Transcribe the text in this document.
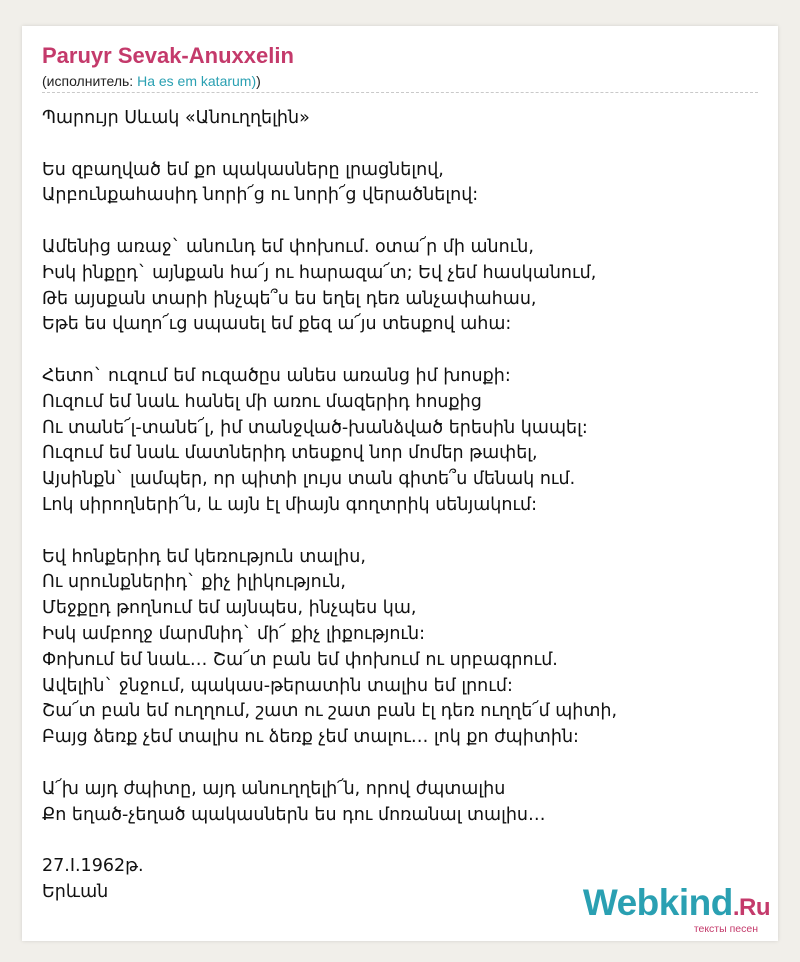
Paruyr Sevak-Anuxxelin
(исполнитель: Ha es em katarum))
Պարույր Սևակ «Անուղղելին»
Ես զբաղված եմ քո պակասները լրացնելով,
Արբունքահասիդ նորի՜ց ու նորի՜ց վերածնելով:
Ամենից առաջ` անունդ եմ փոխում. օտա՜ր մի անուն,
Իսկ ինքըդ` այնքան հա՜յ ու հարազա՜տ; Եվ չեմ հասկանում,
Թե այսքան տարի ինչպե՞ս ես եղել դեռ անչափահաս,
Եթե ես վաղո՜ւց սպասել եմ քեզ ա՜յս տեսքով ահա:
Հետո` ուզում եմ ուզածըս անես առանց իմ խոսքի:
Ուզում եմ նաև հանել մի առու մազերիդ հոսքից
Ու տանե՜լ-տանե՜լ, իմ տանջված-խանձված երեսին կապել:
Ուզում եմ նաև մատներիդ տեսքով նոր մոմեր թափել,
Այսինքն` լամպեր, որ պիտի լույս տան գիտե՞ս մենակ ում.
Լոկ սիրողների՜ն, և այն էլ միայն գողտրիկ սենյակում:
Եվ հոնքերիդ եմ կեռություն տալիս,
Ու սրունքներիդ` քիչ իլիկություն,
Մեջքըդ թողնում եմ այնպես, ինչպես կա,
Իսկ ամբողջ մարմնիդ` մի՜ քիչ լիքություն:
Փոխում եմ նաև… Շա՜տ բան եմ փոխում ու սրբագրում.
Ավելին` ջնջում, պակաս-թերատին տալիս եմ լրում:
Շա՜տ բան եմ ուղղում, շատ ու շատ բան էլ դեռ ուղղե՜մ պիտի,
Բայց ձեռք չեմ տալիս ու ձեռք չեմ տալու… լոկ քո ժպիտին:
Ա՜խ այդ ժպիտը, այդ անուղղելի՜ն, որով ժպտալիս
Քո եղած-չեղած պակասներն ես դու մոռանալ տալիս…
27.I.1962թ.
Երևան	Webkind.Ru
тексты песен
